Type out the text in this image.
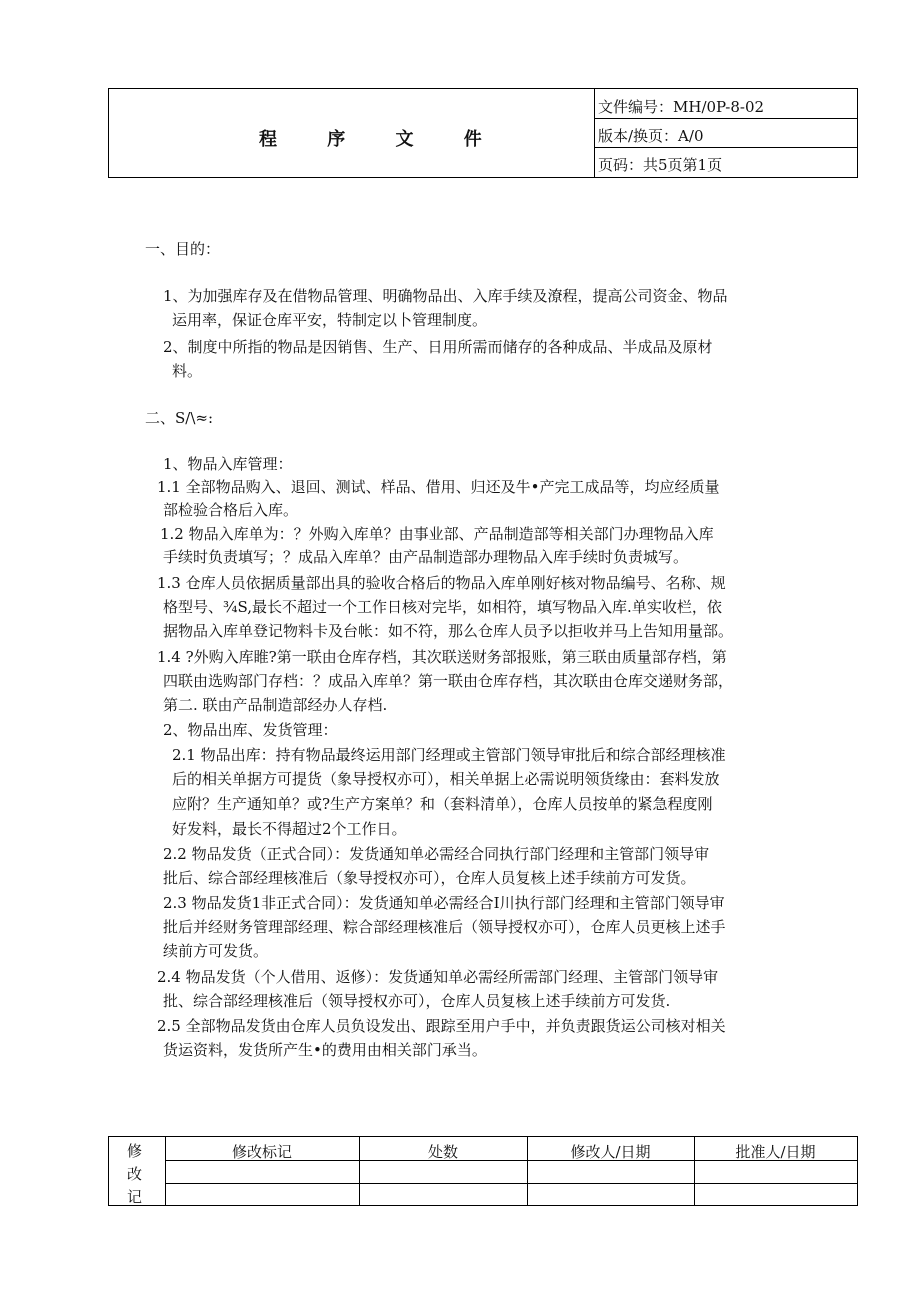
程 序 文 件
文件编号：MH/0P-8-02
版本/换页：A/0
页码：共5页第1页
一、目的：
1、为加强库存及在借物品管理、明确物品出、入库手续及潦程，提高公司资金、物品
运用率，保证仓库平安，特制定以卜管理制度。
2、制度中所指的物品是因销售、生产、日用所需而储存的各种成品、半成品及原材
料。
二、S/\≈:
1、物品入库管理：
1.1 全部物品购入、退回、测试、样品、借用、归还及牛•产完工成品等，均应经质量
部检验合格后入库。
1.2 物品入库单为：？外购入库单？由事业部、产品制造部等相关部门办理物品入库
手续时负责填写；？成品入库单？由产品制造部办理物品入库手续时负责城写。
1.3 仓库人员依据质量部出具的验收合格后的物品入库单刚好核对物品编号、名称、规
格型号、¾S,最长不超过一个工作日核对完毕，如相符，填写物品入库.单实收栏，依
据物品入库单登记物料卡及台帐：如不符，那么仓库人员予以拒收并马上告知用量部。
1.4 ?外购入库睢?第一联由仓库存档，其次联送财务部报账，第三联由质量部存档，第
四联由选购部门存档：？成品入库单？第一联由仓库存档，其次联由仓库交递财务部，
第二. 联由产品制造部经办人存档.
2、物品出库、发货管理：
2.1 物品出库：持有物品最终运用部门经理或主管部门领导审批后和综合部经理核准
后的相关单据方可提货（象导授权亦可），相关单据上必需说明领货缘由：套料发放
应附？生产通知单？或?生产方案单？和（套料清单），仓库人员按单的紧急程度刚
好发料，最长不得超过2个工作日。
2.2 物品发货（正式合同）：发货通知单必需经合同执行部门经理和主管部门领导审
批后、综合部经理核准后（象导授权亦可），仓库人员复核上述手续前方可发货。
2.3 物品发货1非正式合同）：发货通知单必需经合I川执行部门经理和主管部门领导审
批后并经财务管理部经理、粽合部经理核准后（领导授权亦可），仓库人员更核上述手
续前方可发货。
2.4 物品发货（个人借用、返修）：发货通知单必需经所需部门经理、主管部门领导审
批、综合部经理核准后（领导授权亦可），仓库人员复核上述手续前方可发货.
2.5 全部物品发货由仓库人员负设发出、跟踪至用户手中，并负责跟货运公司核对相关
货运资料，发货所产生•的费用由相关部门承当。
修
改
记
修改标记	处数	修改人/日期	批准人/日期
